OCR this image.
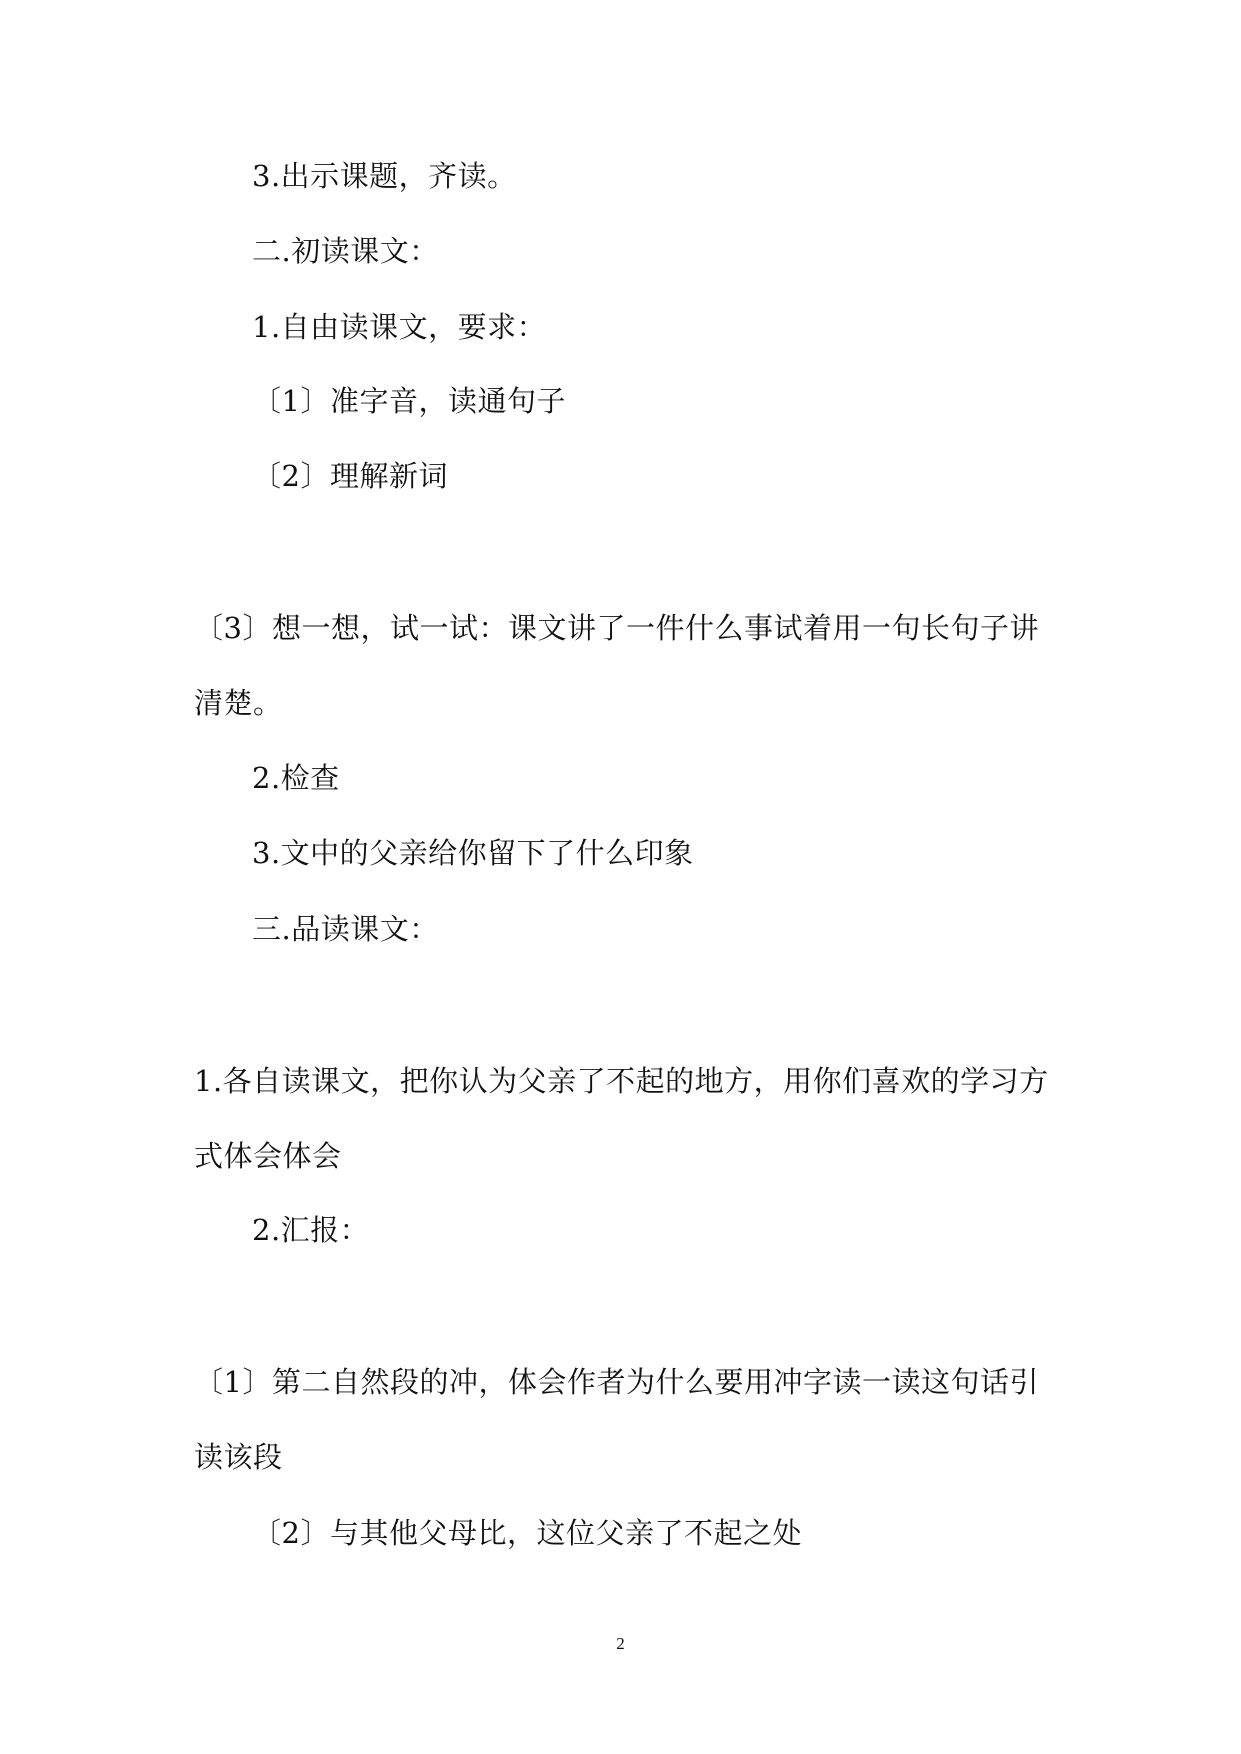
3.出示课题，齐读。
二.初读课文：
1.自由读课文，要求：
〔1〕准字音，读通句子
〔2〕理解新词
〔3〕想一想，试一试：课文讲了一件什么事试着用一句长句子讲
清楚。
2.检查
3.文中的父亲给你留下了什么印象
三.品读课文：
1.各自读课文，把你认为父亲了不起的地方，用你们喜欢的学习方
式体会体会
2.汇报：
〔1〕第二自然段的冲，体会作者为什么要用冲字读一读这句话引
读该段
〔2〕与其他父母比，这位父亲了不起之处
2
